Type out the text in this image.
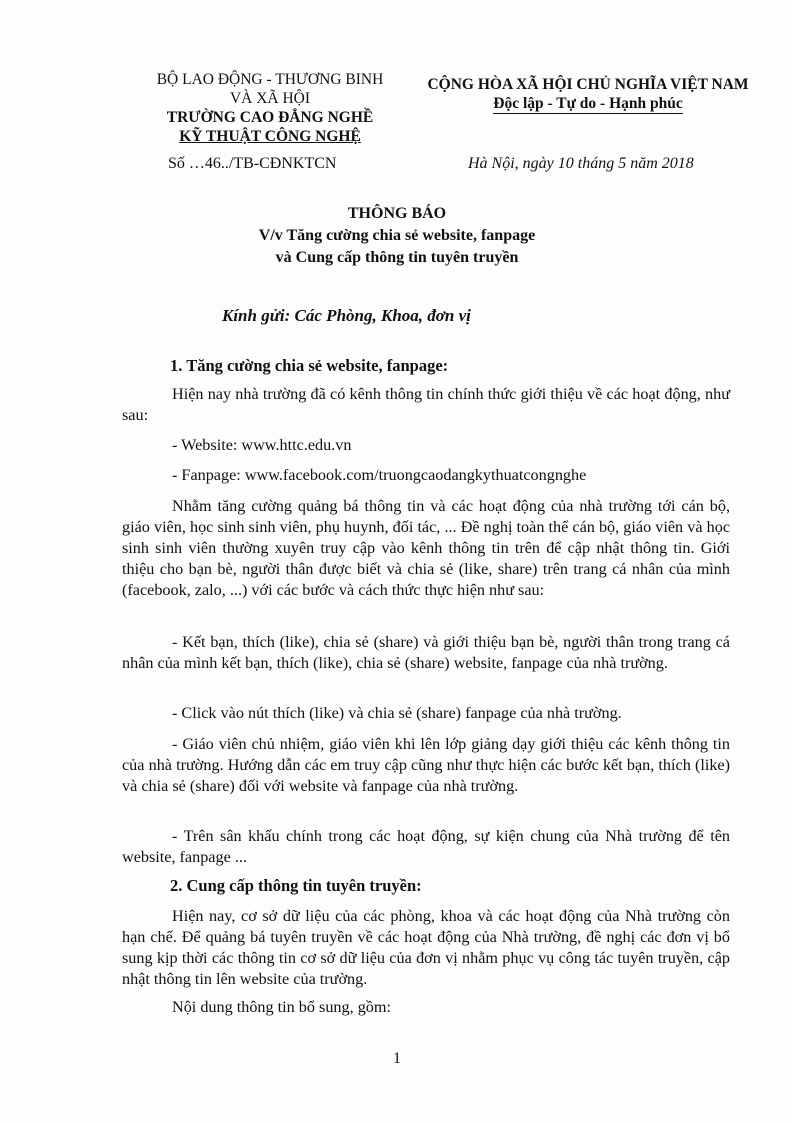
BỘ LAO ĐỘNG - THƯƠNG BINH
VÀ XÃ HỘI
TRƯỜNG CAO ĐẲNG NGHỀ
KỸ THUẬT CÔNG NGHỆ
CỘNG HÒA XÃ HỘI CHỦ NGHĨA VIỆT NAM
Độc lập - Tự do - Hạnh phúc
Số …46../TB-CĐNKTCN	Hà Nội, ngày 10 tháng 5 năm 2018
THÔNG BÁO
V/v Tăng cường chia sẻ website, fanpage
và Cung cấp thông tin tuyên truyền
Kính gửi: Các Phòng, Khoa, đơn vị
1. Tăng cường chia sẻ website, fanpage:
Hiện nay nhà trường đã có kênh thông tin chính thức giới thiệu về các hoạt động, như sau:
- Website: www.httc.edu.vn
- Fanpage: www.facebook.com/truongcaodangkythuatcongnghe
Nhằm tăng cường quảng bá thông tin và các hoạt động của nhà trường tới cán bộ, giáo viên, học sinh sinh viên, phụ huynh, đối tác, ... Đề nghị toàn thể cán bộ, giáo viên và học sinh sinh viên thường xuyên truy cập vào kênh thông tin trên để cập nhật thông tin. Giới thiệu cho bạn bè, người thân được biết và chia sẻ (like, share) trên trang cá nhân của mình (facebook, zalo, ...) với các bước và cách thức thực hiện như sau:
- Kết bạn, thích (like), chia sẻ (share) và giới thiệu bạn bè, người thân trong trang cá nhân của mình kết bạn, thích (like), chia sẻ (share) website, fanpage của nhà trường.
- Click vào nút thích (like) và chia sẻ (share) fanpage của nhà trường.
- Giáo viên chủ nhiệm, giáo viên khi lên lớp giảng dạy giới thiệu các kênh thông tin của nhà trường. Hướng dẫn các em truy cập cũng như thực hiện các bước kết bạn, thích (like) và chia sẻ (share) đối với website và fanpage của nhà trường.
- Trên sân khấu chính trong các hoạt động, sự kiện chung của Nhà trường để tên website, fanpage ...
2. Cung cấp thông tin tuyên truyền:
Hiện nay, cơ sở dữ liệu của các phòng, khoa và các hoạt động của Nhà trường còn hạn chế. Để quảng bá tuyên truyền về các hoạt động của Nhà trường, đề nghị các đơn vị bổ sung kịp thời các thông tin cơ sở dữ liệu của đơn vị nhằm phục vụ công tác tuyên truyền, cập nhật thông tin lên website của trường.
Nội dung thông tin bổ sung, gồm:
1
